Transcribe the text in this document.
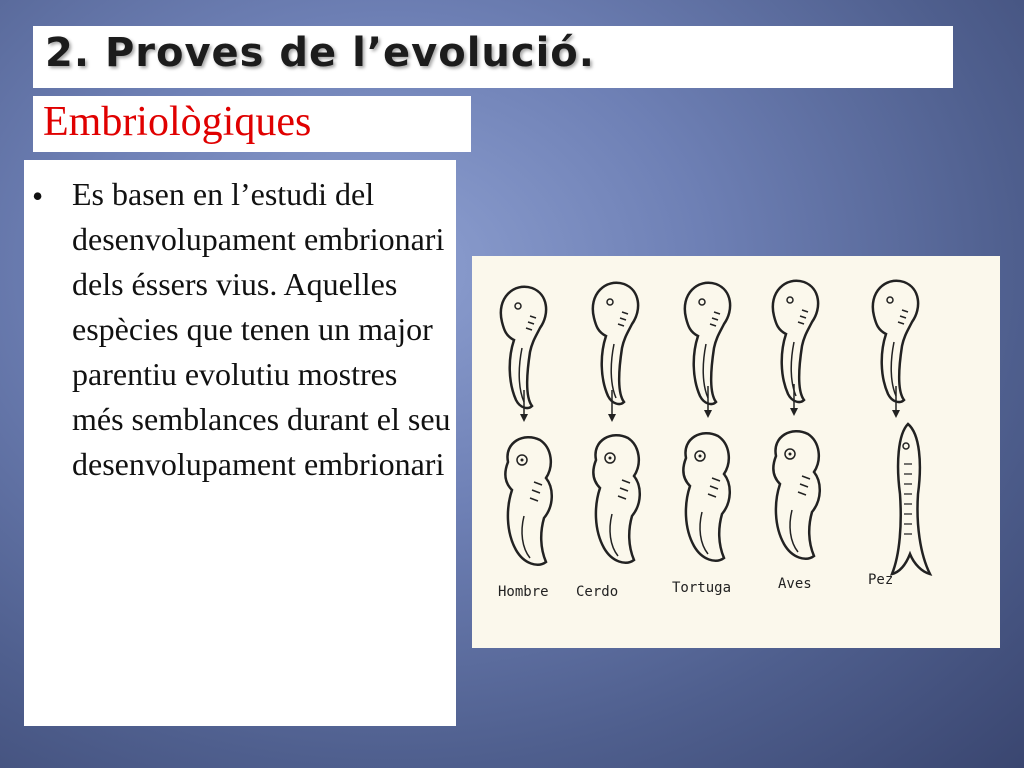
2. Proves de l’evolució.
Embriològiques
• Es basen en l’estudi del desenvolupament embrionari dels éssers vius. Aquelles espècies que tenen un major parentiu evolutiu mostres més semblances durant el seu desenvolupament embrionari
Hombre Cerdo	Tortuga	Aves	Pez
